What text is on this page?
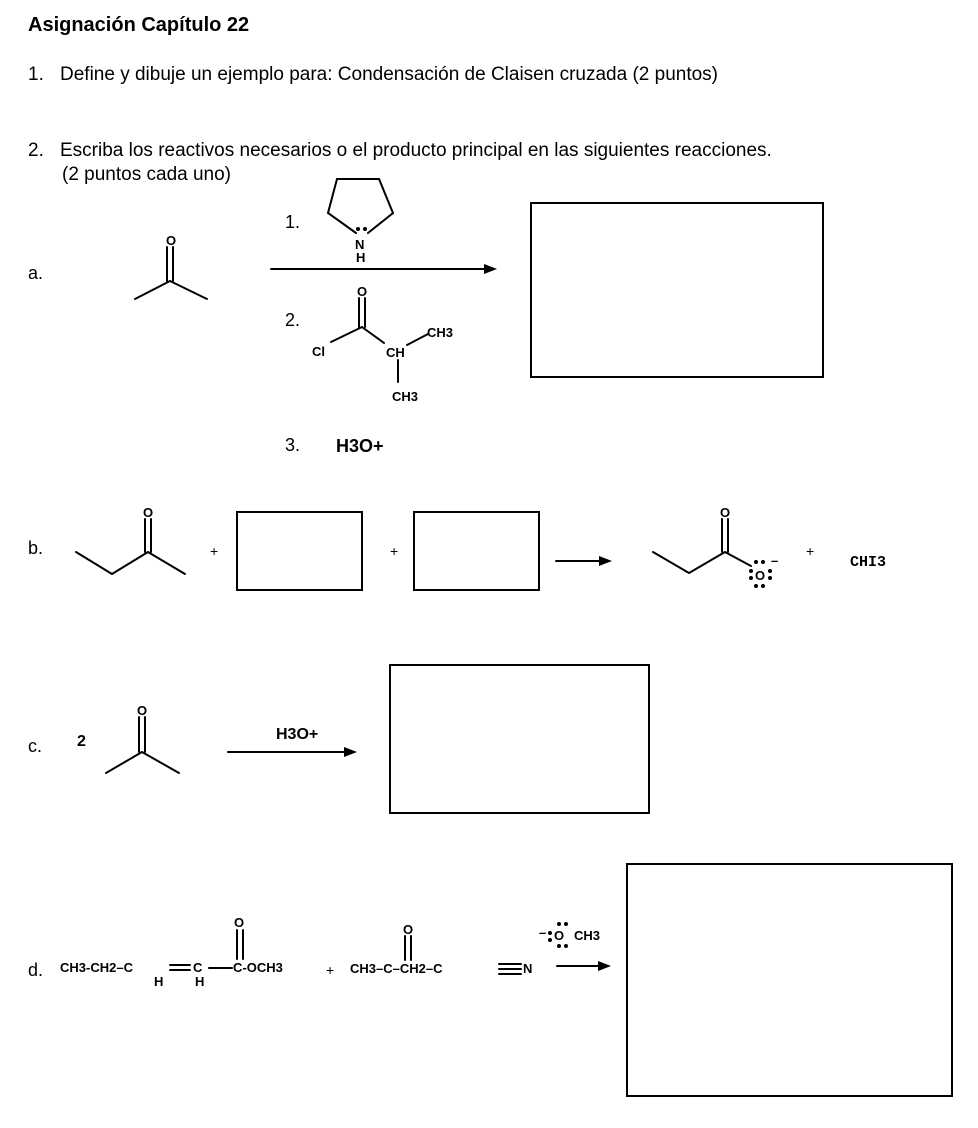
Asignación Capítulo 22
1. Define y dibuje un ejemplo para: Condensación de Claisen cruzada (2 puntos)
2. Escriba los reactivos necesarios o el producto principal en las siguientes reacciones.
(2 puntos cada uno)
a.
b.
c.
d.
1.
N
H
O
2.
O
Cl	CH
CH3
CH3
3. H3O+
O
+	+
O
O
–
+
CHI3
2
O
H3O+
O
CH3-CH2–C	C C-OCH3
H H
+
O
CH3–C–CH2–C	N
– O CH3
